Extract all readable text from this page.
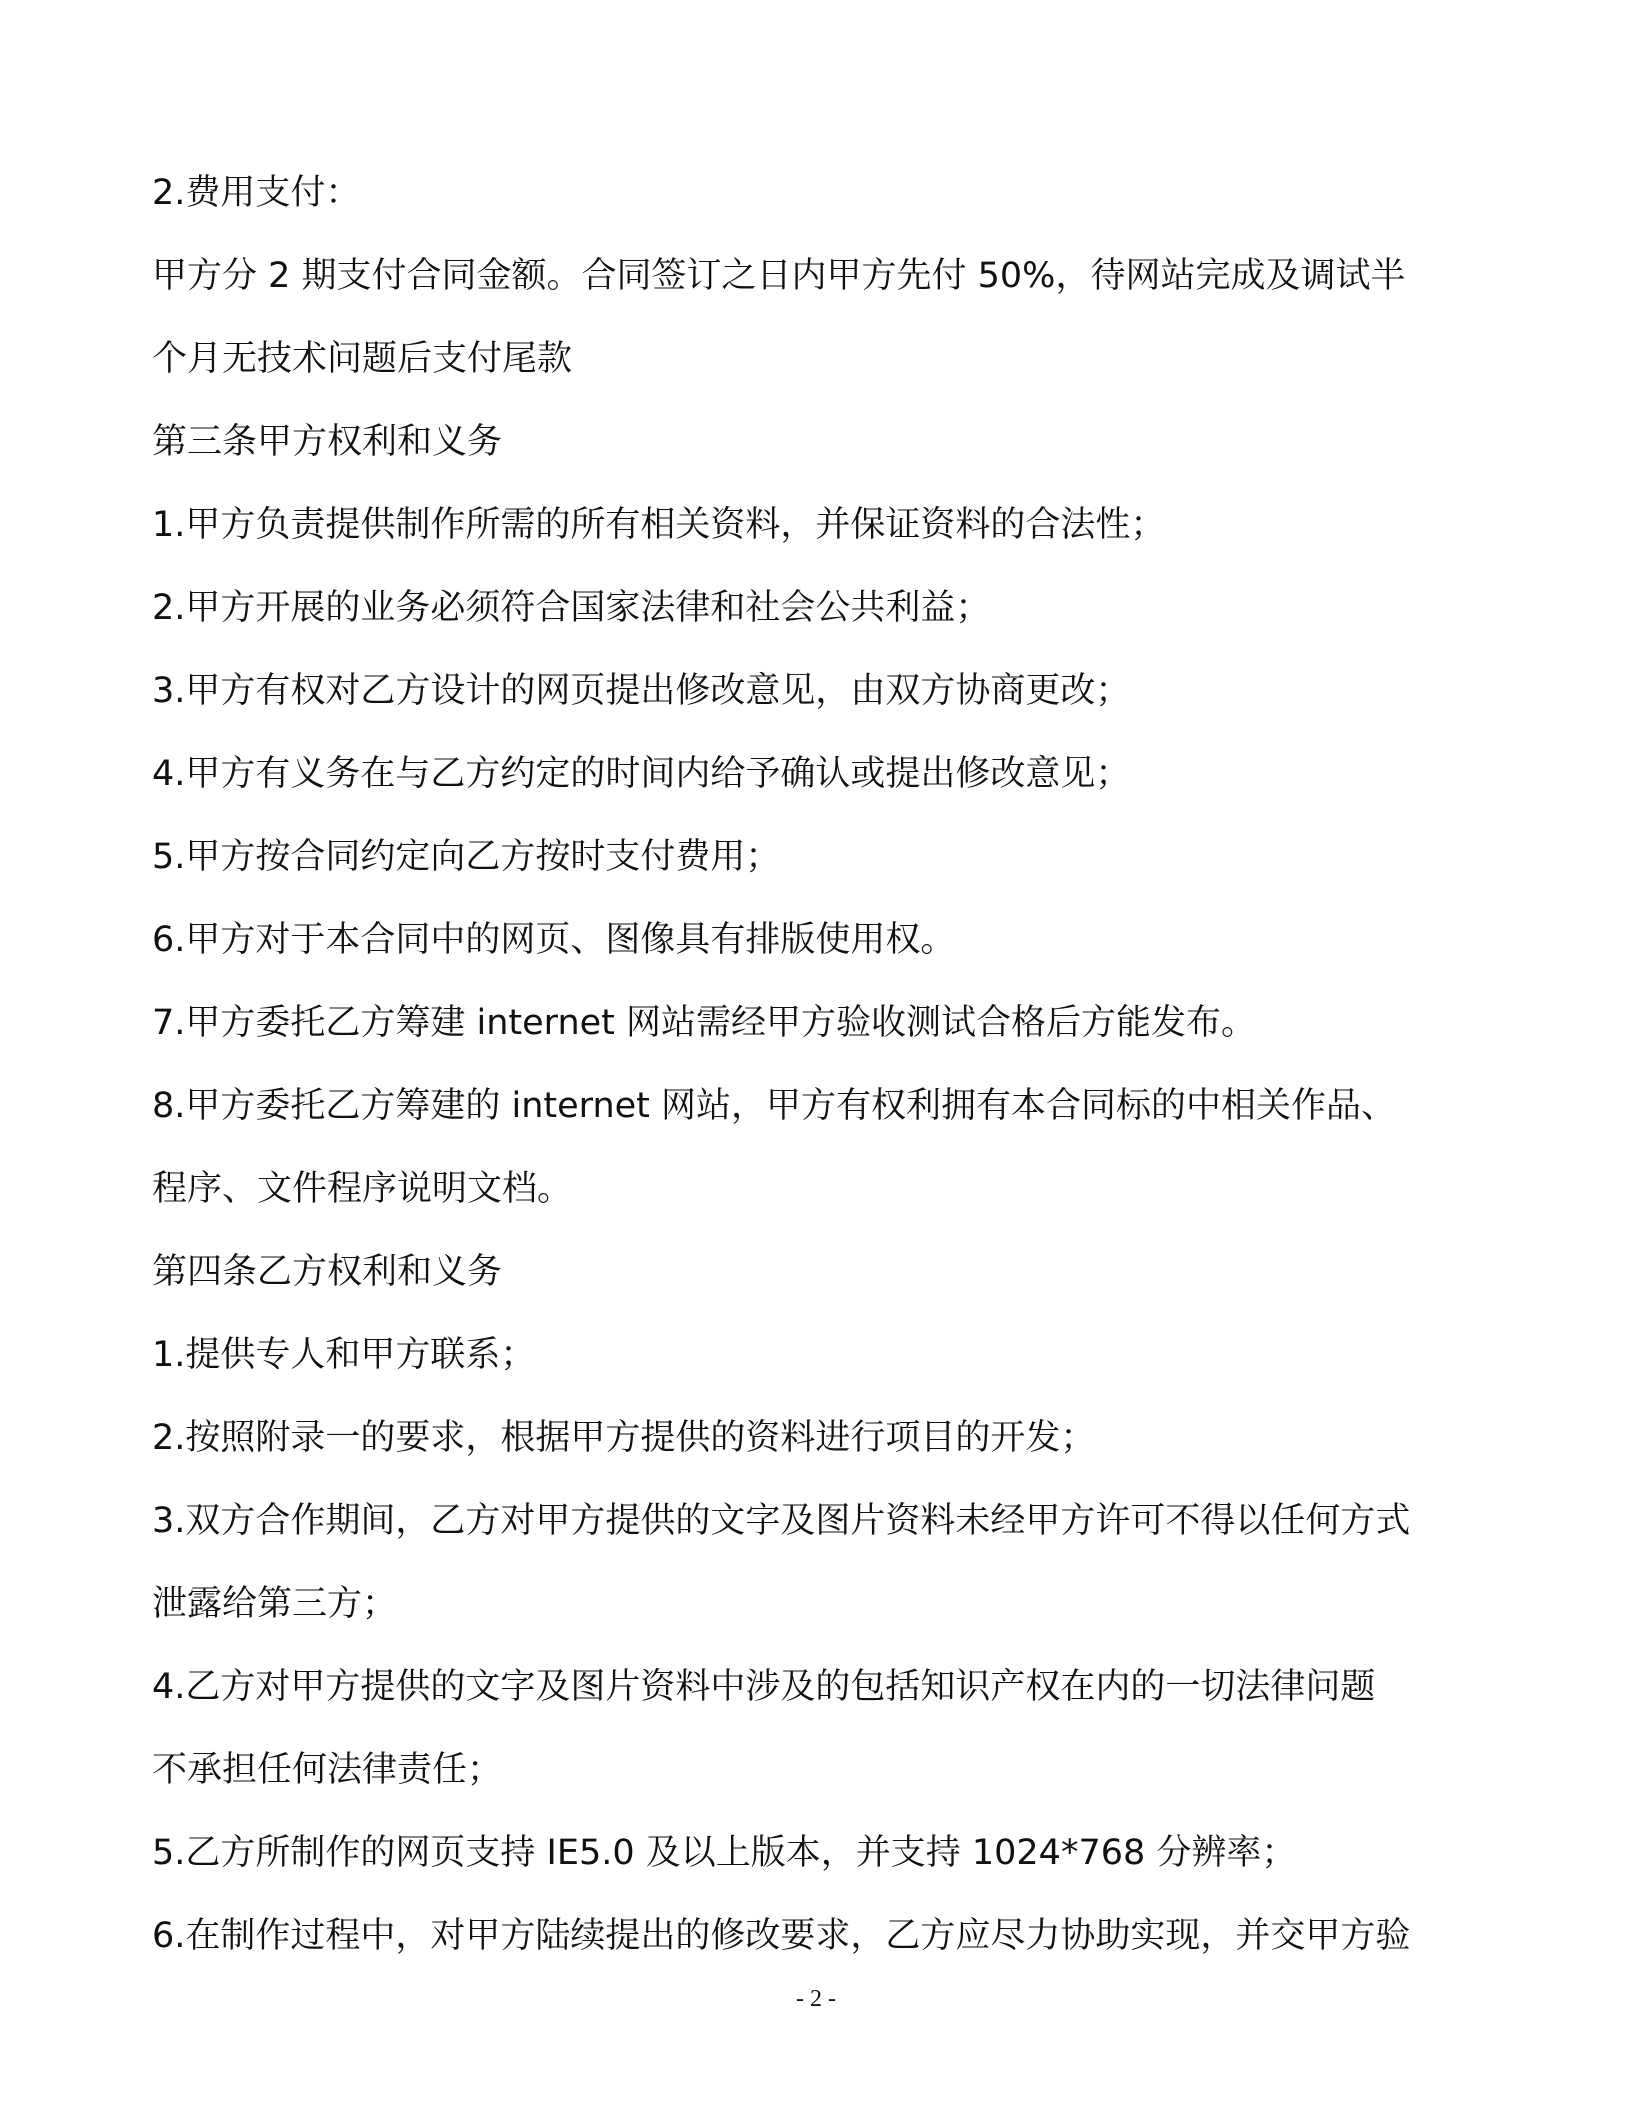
2.费用支付：

甲方分 2 期支付合同金额。合同签订之日内甲方先付 50%，待网站完成及调试半

个月无技术问题后支付尾款

第三条甲方权利和义务

1.甲方负责提供制作所需的所有相关资料，并保证资料的合法性；

2.甲方开展的业务必须符合国家法律和社会公共利益；

3.甲方有权对乙方设计的网页提出修改意见，由双方协商更改；

4.甲方有义务在与乙方约定的时间内给予确认或提出修改意见；

5.甲方按合同约定向乙方按时支付费用；

6.甲方对于本合同中的网页、图像具有排版使用权。

7.甲方委托乙方筹建 internet 网站需经甲方验收测试合格后方能发布。

8.甲方委托乙方筹建的 internet 网站，甲方有权利拥有本合同标的中相关作品、

程序、文件程序说明文档。

第四条乙方权利和义务

1.提供专人和甲方联系；

2.按照附录一的要求，根据甲方提供的资料进行项目的开发；

3.双方合作期间，乙方对甲方提供的文字及图片资料未经甲方许可不得以任何方式

泄露给第三方；

4.乙方对甲方提供的文字及图片资料中涉及的包括知识产权在内的一切法律问题

不承担任何法律责任；

5.乙方所制作的网页支持 IE5.0 及以上版本，并支持 1024*768 分辨率；

6.在制作过程中，对甲方陆续提出的修改要求，乙方应尽力协助实现，并交甲方验

- 2 -
